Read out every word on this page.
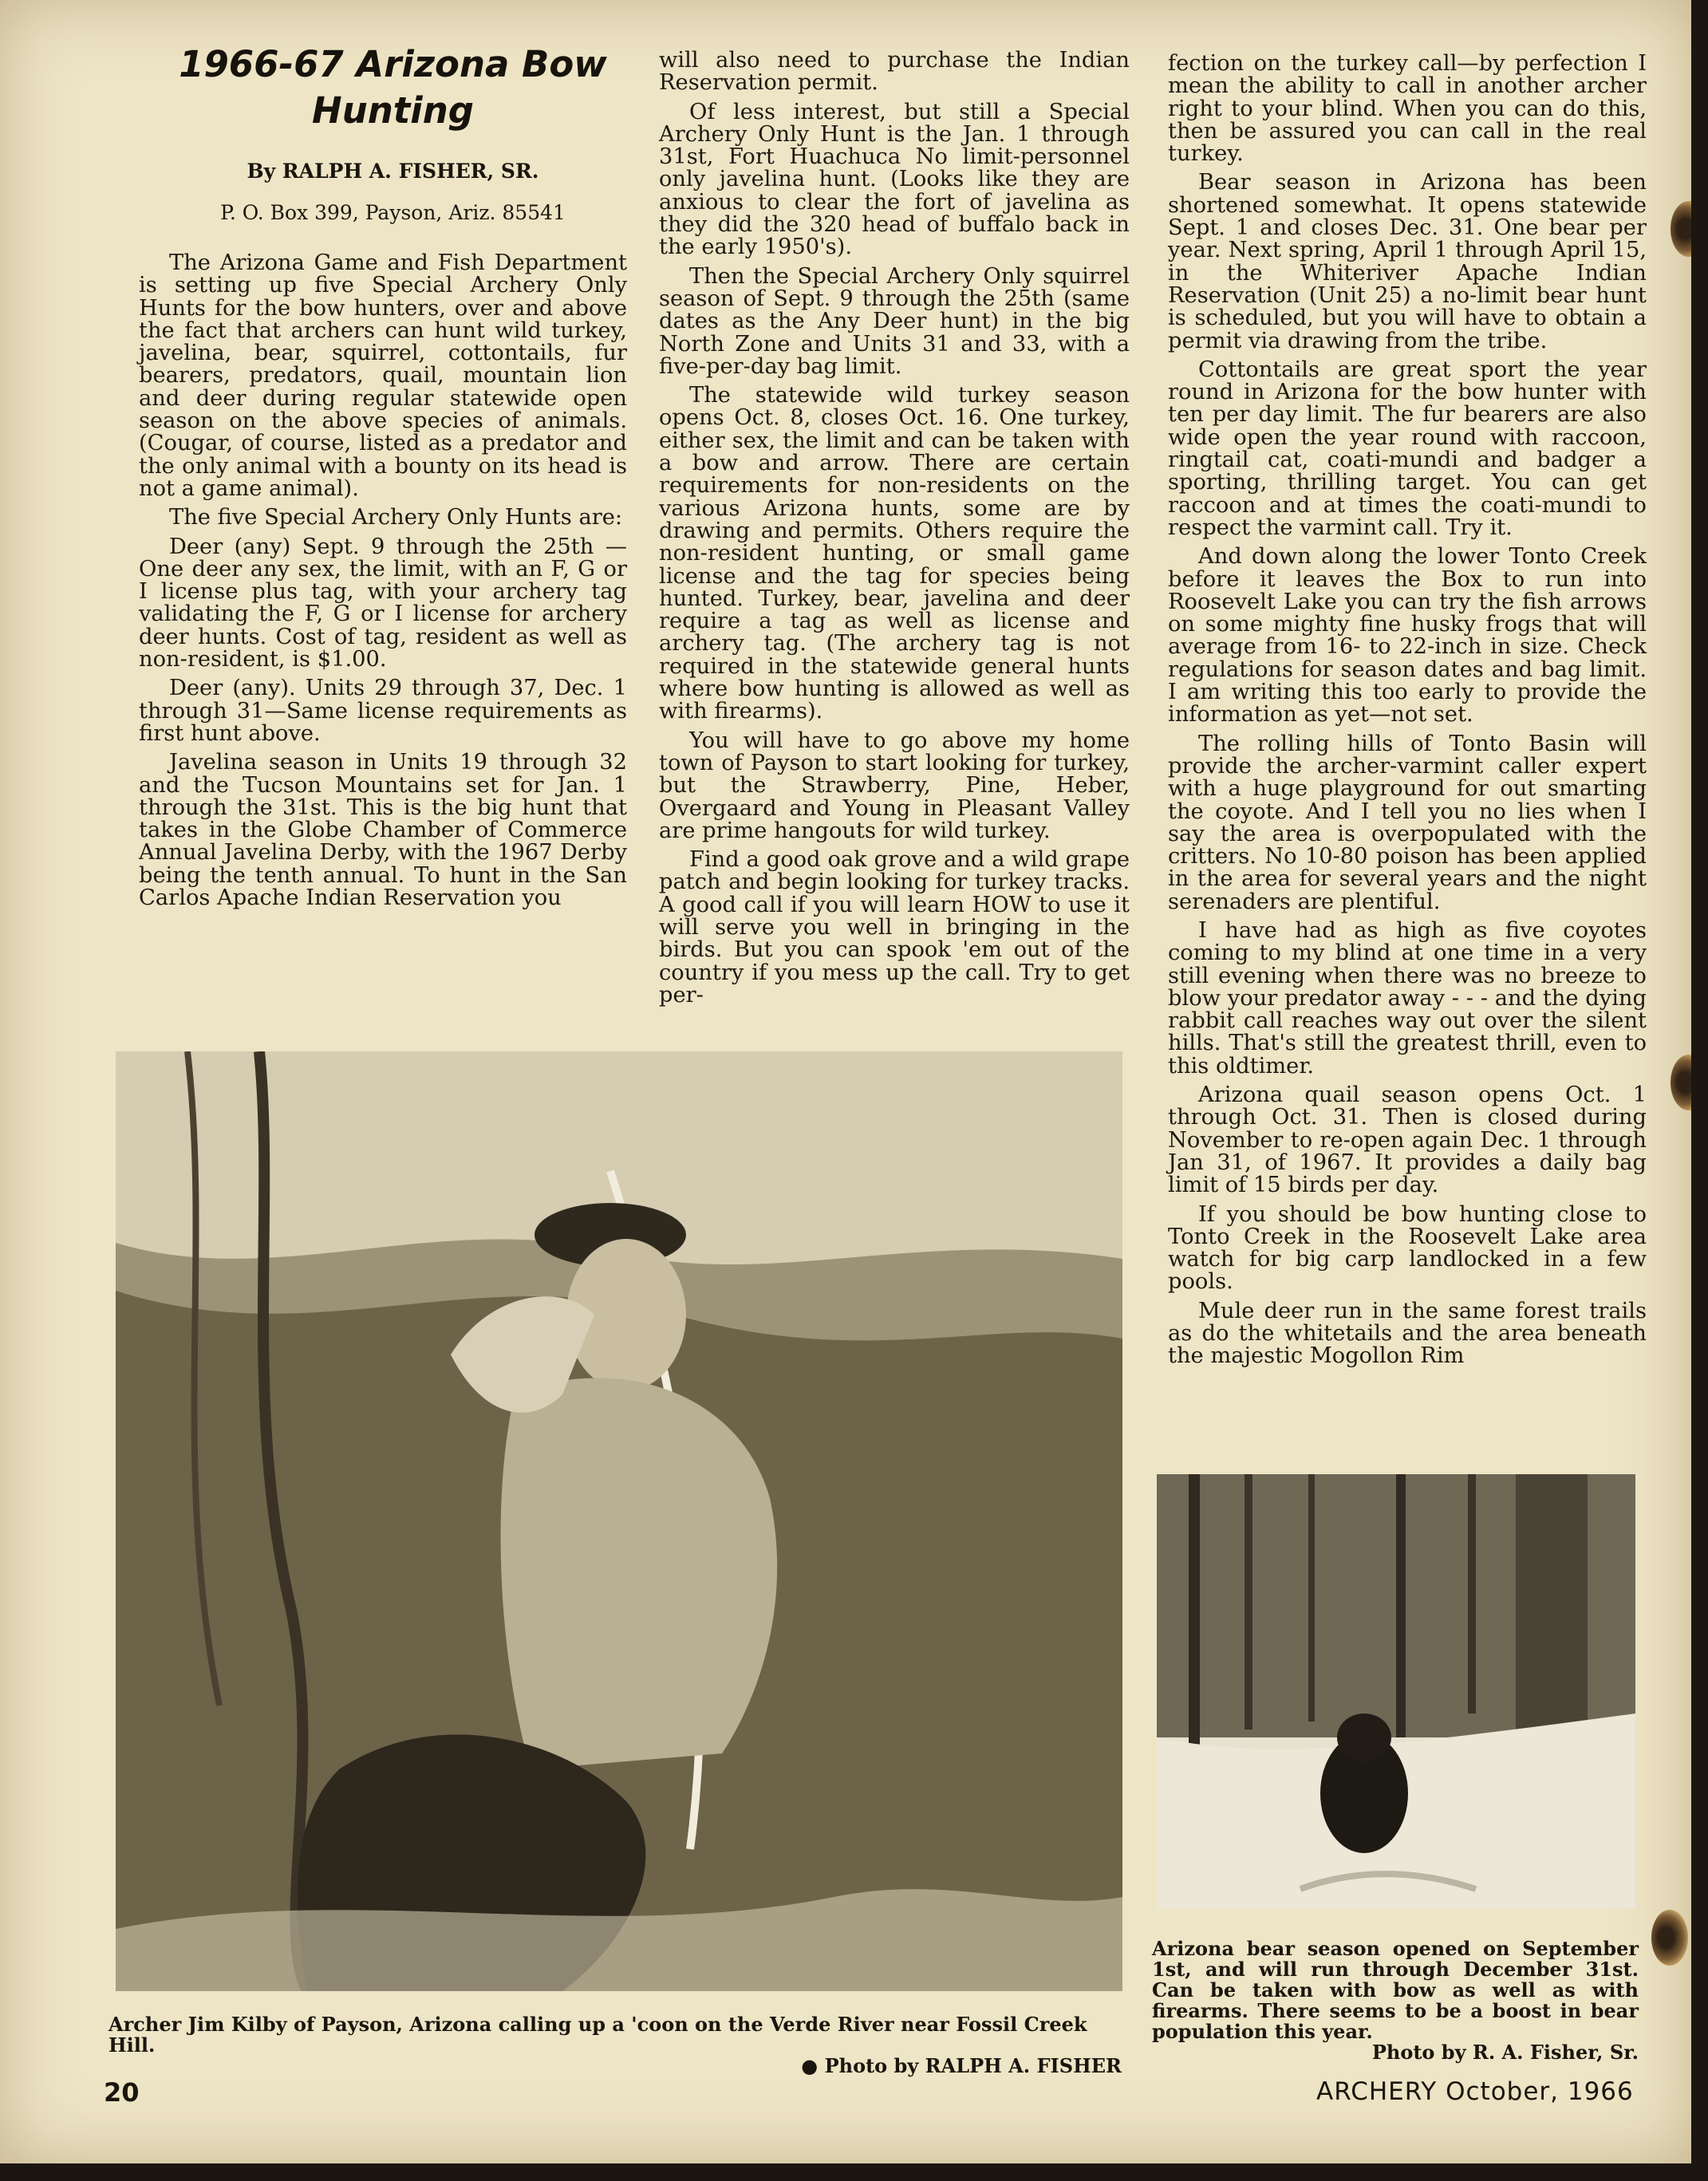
1966-67 Arizona Bow Hunting
By RALPH A. FISHER, SR.
P. O. Box 399, Payson, Ariz. 85541

The Arizona Game and Fish Department is setting up five Special Archery Only Hunts for the bow hunters, over and above the fact that archers can hunt wild turkey, javelina, bear, squirrel, cottontails, fur bearers, predators, quail, mountain lion and deer during regular statewide open season on the above species of animals. (Cougar, of course, listed as a predator and the only animal with a bounty on its head is not a game animal).

The five Special Archery Only Hunts are:

Deer (any) Sept. 9 through the 25th —One deer any sex, the limit, with an F, G or I license plus tag, with your archery tag validating the F, G or I license for archery deer hunts. Cost of tag, resident as well as non-resident, is $1.00.

Deer (any). Units 29 through 37, Dec. 1 through 31—Same license requirements as first hunt above.

Javelina season in Units 19 through 32 and the Tucson Mountains set for Jan. 1 through the 31st. This is the big hunt that takes in the Globe Chamber of Commerce Annual Javelina Derby, with the 1967 Derby being the tenth annual. To hunt in the San Carlos Apache Indian Reservation you

will also need to purchase the Indian Reservation permit.

Of less interest, but still a Special Archery Only Hunt is the Jan. 1 through 31st, Fort Huachuca No limit-personnel only javelina hunt. (Looks like they are anxious to clear the fort of javelina as they did the 320 head of buffalo back in the early 1950's).

Then the Special Archery Only squirrel season of Sept. 9 through the 25th (same dates as the Any Deer hunt) in the big North Zone and Units 31 and 33, with a five-per-day bag limit.

The statewide wild turkey season opens Oct. 8, closes Oct. 16. One turkey, either sex, the limit and can be taken with a bow and arrow. There are certain requirements for non-residents on the various Arizona hunts, some are by drawing and permits. Others require the non-resident hunting, or small game license and the tag for species being hunted. Turkey, bear, javelina and deer require a tag as well as license and archery tag. (The archery tag is not required in the statewide general hunts where bow hunting is allowed as well as with firearms).

You will have to go above my home town of Payson to start looking for turkey, but the Strawberry, Pine, Heber, Overgaard and Young in Pleasant Valley are prime hangouts for wild turkey.

Find a good oak grove and a wild grape patch and begin looking for turkey tracks. A good call if you will learn HOW to use it will serve you well in bringing in the birds. But you can spook 'em out of the country if you mess up the call. Try to get per-

fection on the turkey call—by perfection I mean the ability to call in another archer right to your blind. When you can do this, then be assured you can call in the real turkey.

Bear season in Arizona has been shortened somewhat. It opens statewide Sept. 1 and closes Dec. 31. One bear per year. Next spring, April 1 through April 15, in the Whiteriver Apache Indian Reservation (Unit 25) a no-limit bear hunt is scheduled, but you will have to obtain a permit via drawing from the tribe.

Cottontails are great sport the year round in Arizona for the bow hunter with ten per day limit. The fur bearers are also wide open the year round with raccoon, ringtail cat, coati-mundi and badger a sporting, thrilling target. You can get raccoon and at times the coati-mundi to respect the varmint call. Try it.

And down along the lower Tonto Creek before it leaves the Box to run into Roosevelt Lake you can try the fish arrows on some mighty fine husky frogs that will average from 16- to 22-inch in size. Check regulations for season dates and bag limit. I am writing this too early to provide the information as yet—not set.

The rolling hills of Tonto Basin will provide the archer-varmint caller expert with a huge playground for out smarting the coyote. And I tell you no lies when I say the area is overpopulated with the critters. No 10-80 poison has been applied in the area for several years and the night serenaders are plentiful.

I have had as high as five coyotes coming to my blind at one time in a very still evening when there was no breeze to blow your predator away - - - and the dying rabbit call reaches way out over the silent hills. That's still the greatest thrill, even to this oldtimer.

Arizona quail season opens Oct. 1 through Oct. 31. Then is closed during November to re-open again Dec. 1 through Jan 31, of 1967. It provides a daily bag limit of 15 birds per day.

If you should be bow hunting close to Tonto Creek in the Roosevelt Lake area watch for big carp landlocked in a few pools.

Mule deer run in the same forest trails as do the whitetails and the area beneath the majestic Mogollon Rim

Archer Jim Kilby of Payson, Arizona calling up a 'coon on the Verde River near Fossil Creek Hill.
● Photo by RALPH A. FISHER
Arizona bear season opened on September 1st, and will run through December 31st. Can be taken with bow as well as with firearms. There seems to be a boost in bear population this year.
Photo by R. A. Fisher, Sr.
20	ARCHERY October, 1966
